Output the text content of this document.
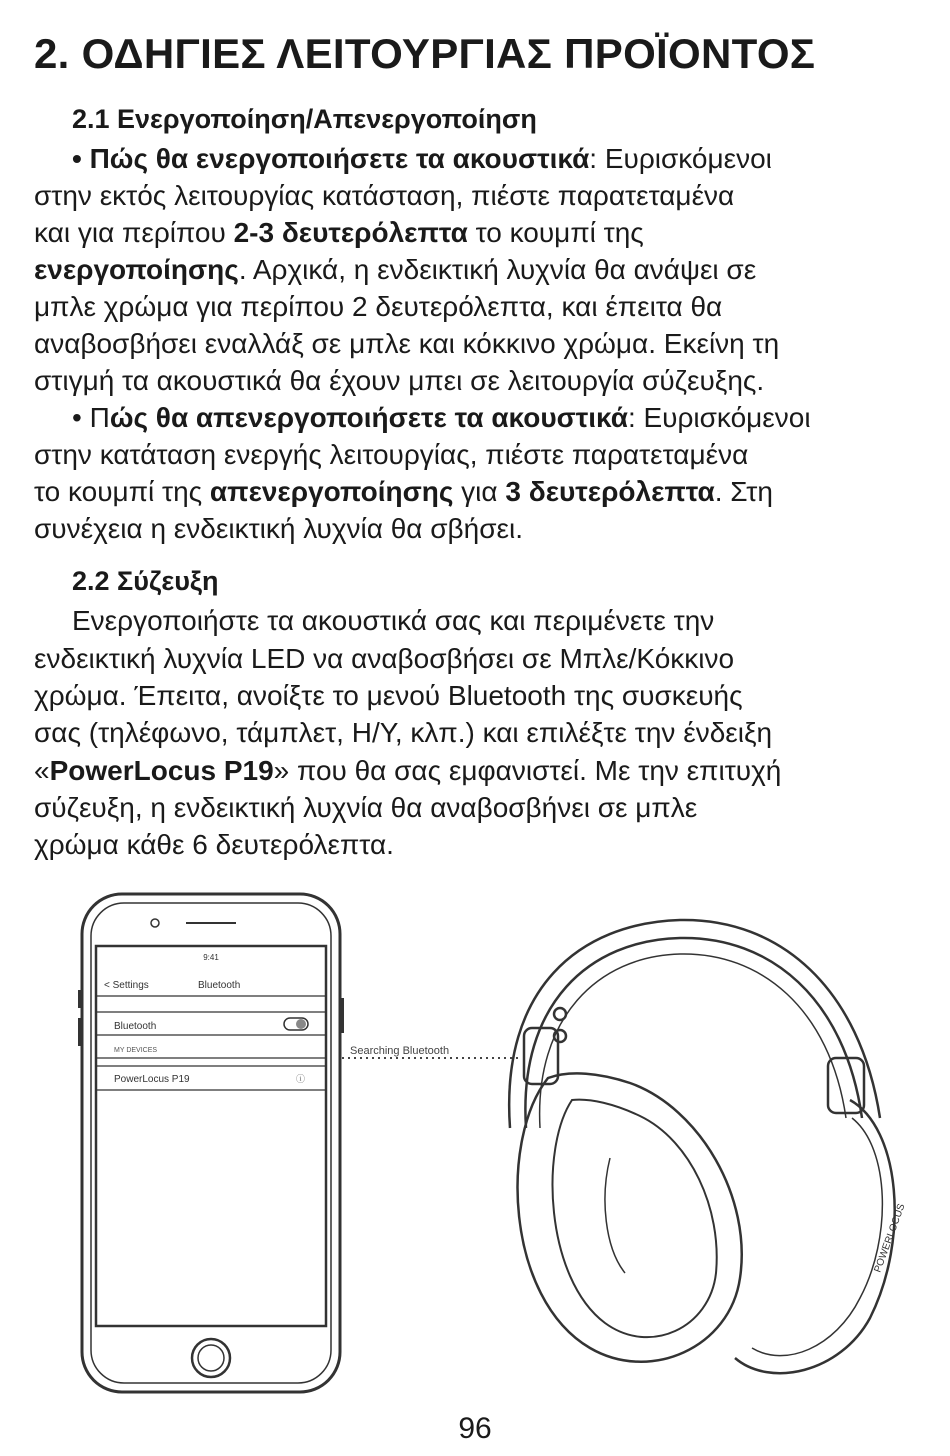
2. ΟΔΗΓΙΕΣ ΛΕΙΤΟΥΡΓΙΑΣ ΠΡΟΪΟΝΤΟΣ
2.1 Ενεργοποίηση/Απενεργοποίηση
• Πώς θα ενεργοποιήσετε τα ακουστικά: Ευρισκόμενοι
στην εκτός λειτουργίας κατάσταση, πιέστε παρατεταμένα
και για περίπου 2-3 δευτερόλεπτα το κουμπί της
ενεργοποίησης. Αρχικά, η ενδεικτική λυχνία θα ανάψει σε
μπλε χρώμα για περίπου 2 δευτερόλεπτα, και έπειτα θα
αναβοσβήσει εναλλάξ σε μπλε και κόκκινο χρώμα. Εκείνη τη
στιγμή τα ακουστικά θα έχουν μπει σε λειτουργία σύζευξης.
• Πώς θα απενεργοποιήσετε τα ακουστικά: Ευρισκόμενοι
στην κατάταση ενεργής λειτουργίας, πιέστε παρατεταμένα
το κουμπί της απενεργοποίησης για 3 δευτερόλεπτα. Στη
συνέχεια η ενδεικτική λυχνία θα σβήσει.
2.2 Σύζευξη
Ενεργοποιήστε τα ακουστικά σας και περιμένετε την
ενδεικτική λυχνία LED να αναβοσβήσει σε Μπλε/Κόκκινο
χρώμα. Έπειτα, ανοίξτε το μενού Bluetooth της συσκευής
σας (τηλέφωνο, τάμπλετ, Η/Υ, κλπ.) και επιλέξτε την ένδειξη
«PowerLocus P19» που θα σας εμφανιστεί. Με την επιτυχή
σύζευξη, η ενδεικτική λυχνία θα αναβοσβήνει σε μπλε
χρώμα κάθε 6 δευτερόλεπτα.
9:41
< Settings	Bluetooth
Bluetooth
MY DEVICES
PowerLocus P19	ⓘ
Searching Bluetooth
POWERLOCUS
96
